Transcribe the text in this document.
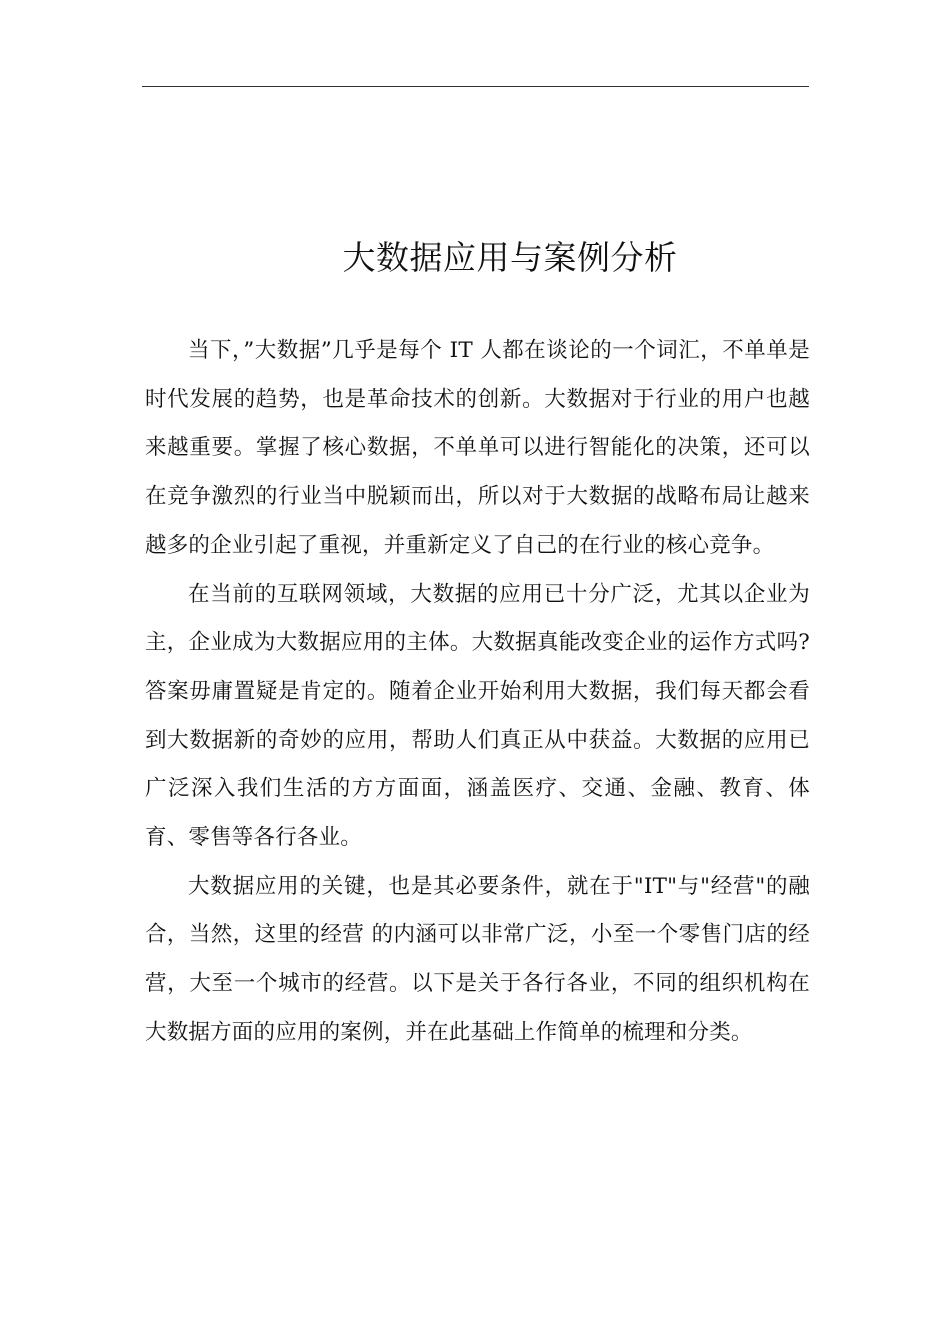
大数据应用与案例分析

当下，”大数据”几乎是每个 IT 人都在谈论的一个词汇，不单单是时代发展的趋势，也是革命技术的创新。大数据对于行业的用户也越来越重要。掌握了核心数据，不单单可以进行智能化的决策，还可以在竞争激烈的行业当中脱颖而出，所以对于大数据的战略布局让越来越多的企业引起了重视，并重新定义了自己的在行业的核心竞争。

在当前的互联网领域，大数据的应用已十分广泛，尤其以企业为主，企业成为大数据应用的主体。大数据真能改变企业的运作方式吗?答案毋庸置疑是肯定的。随着企业开始利用大数据，我们每天都会看到大数据新的奇妙的应用，帮助人们真正从中获益。大数据的应用已广泛深入我们生活的方方面面，涵盖医疗、交通、金融、教育、体育、零售等各行各业。

大数据应用的关键，也是其必要条件，就在于"IT"与"经营"的融合，当然，这里的经营 的内涵可以非常广泛，小至一个零售门店的经营，大至一个城市的经营。以下是关于各行各业，不同的组织机构在大数据方面的应用的案例，并在此基础上作简单的梳理和分类。
